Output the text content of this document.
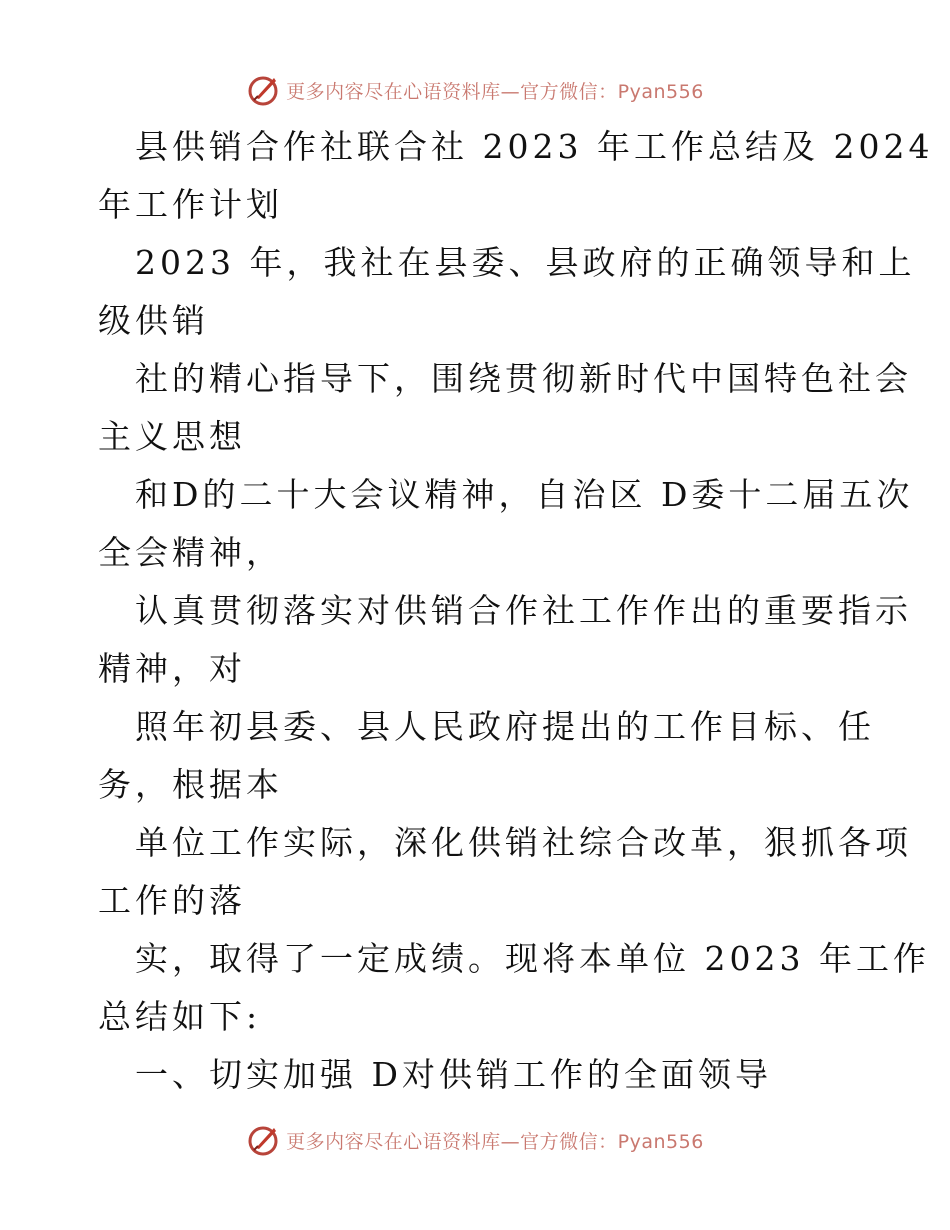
更多内容尽在心语资料库—官方微信：Pyan556
县供销合作社联合社 2023 年工作总结及 2024
年工作计划
2023 年，我社在县委、县政府的正确领导和上
级供销
社的精心指导下，围绕贯彻新时代中国特色社会
主义思想
和D的二十大会议精神，自治区 D委十二届五次
全会精神，
认真贯彻落实对供销合作社工作作出的重要指示
精神，对
照年初县委、县人民政府提出的工作目标、任
务，根据本
单位工作实际，深化供销社综合改革，狠抓各项
工作的落
实，取得了一定成绩。现将本单位 2023 年工作
总结如下:
一、切实加强 D对供销工作的全面领导
更多内容尽在心语资料库—官方微信：Pyan556
